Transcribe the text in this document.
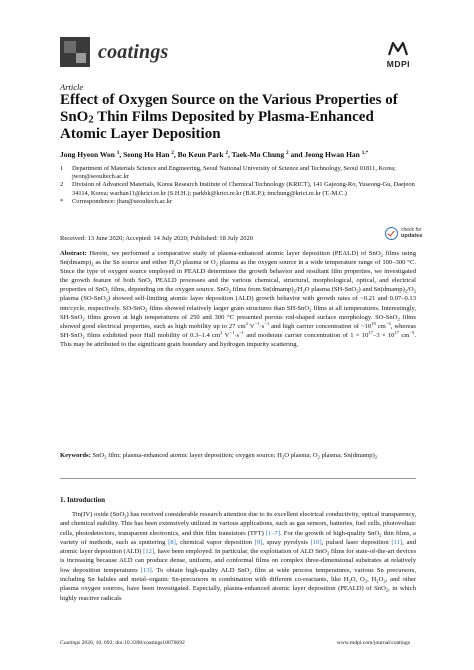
coatings
MDPI
Article
Effect of Oxygen Source on the Various Properties of
SnO$_2$ Thin Films Deposited by Plasma-Enhanced
Atomic Layer Deposition
Jong Hyeon Won $^1$, Seong Ho Han $^2$, Bo Keun Park $^2$, Taek-Mo Chung $^2$ and Jeong Hwan Han $^{1,*}$
1 Department of Materials Science and Engineering, Seoul National University of Science and Technology, Seoul 01811, Korea; jwon@seoultech.ac.kr
2 Division of Advanced Materials, Korea Research Institute of Chemical Technology (KRICT), 141 Gajeong-Ro, Yuseong-Gu, Daejeon 34114, Korea; warhan11@krict.re.kr (S.H.H.); parkbk@krict.re.kr (B.K.P.); tmchung@krict.re.kr (T.-M.C.)
* Correspondence: jhan@seoultech.ac.kr
check for
updates
Received: 13 June 2020; Accepted: 14 July 2020; Published: 18 July 2020
Abstract: Herein, we performed a comparative study of plasma-enhanced atomic layer deposition (PEALD) of SnO$_2$ films using $Sn(dmamp)_2$ as the Sn source and either $H_2O$ plasma or $O_2$ plasma as the oxygen source in a wide temperature range of 100–300 °C. Since the type of oxygen source employed in PEALD determines the growth behavior and resultant film properties, we investigated the growth feature of both SnO$_2$ PEALD processes and the various chemical, structural, morphological, optical, and electrical properties of SnO$_2$ films, depending on the oxygen source. SnO$_2$ films from $Sn(dmamp)_2/H_2O$ plasma (SH-SnO$_2$) and $Sn(dmamp)_2/O_2$ plasma (SO-SnO$_2$) showed self-limiting atomic layer deposition (ALD) growth behavior with growth rates of ~0.21 and 0.07–0.13 nm/cycle, respectively. SO-SnO$_2$ films showed relatively larger grain structures than SH-SnO$_2$ films at all temperatures. Interestingly, SH-SnO$_2$ films grown at high temperatures of 250 and 300 °C presented porous rod-shaped surface morphology. SO-SnO$_2$ films showed good electrical properties, such as high mobility up to 27 $cm^2$ $V^{-1}\cdot s^{-1}$ and high carrier concentration of $\sim 10^{19}$ $cm^{-3}$, whereas SH-SnO$_2$ films exhibited poor Hall mobility of 0.3–1.4 $cm^2$ $V^{-1}\cdot s^{-1}$ and moderate carrier concentration of $1 \times 10^{17}-3 \times 10^{17}$ $cm^{-3}$. This may be attributed to the significant grain boundary and hydrogen impurity scattering.
Keywords: SnO$_2$ film; plasma-enhanced atomic layer deposition; oxygen source; $H_2O$ plasma; $O_2$ plasma; $Sn(dmamp)_2$
1. Introduction
Tin(IV) oxide (SnO$_2$) has received considerable research attention due to its excellent electrical conductivity, optical transparency, and chemical stability. This has been extensively utilized in various applications, such as gas sensors, batteries, fuel cells, photovoltaic cells, photodetectors, transparent electronics, and thin film transistors (TFT) [1–7]. For the growth of high-quality SnO$_2$ thin films, a variety of methods, such as sputtering [8], chemical vapor deposition [9], spray pyrolysis [10], pulsed laser deposition [11], and atomic layer deposition (ALD) [12], have been employed. In particular, the exploitation of ALD SnO$_2$ films for state-of-the-art devices is increasing because ALD can produce dense, uniform, and conformal films on complex three-dimensional substrates at relatively low deposition temperatures [13]. To obtain high-quality ALD SnO$_2$ film at wide process temperatures, various Sn precursors, including Sn halides and metal–organic Sn-precursors in combination with different co-reactants, like $H_2O$, $O_2$, $H_2O_2$, and other plasma oxygen sources, have been investigated. Especially, plasma-enhanced atomic layer deposition (PEALD) of SnO$_2$, in which highly reactive radicals
Coatings 2020, 10, 692; doi:10.3390/coatings10070692	www.mdpi.com/journal/coatings
